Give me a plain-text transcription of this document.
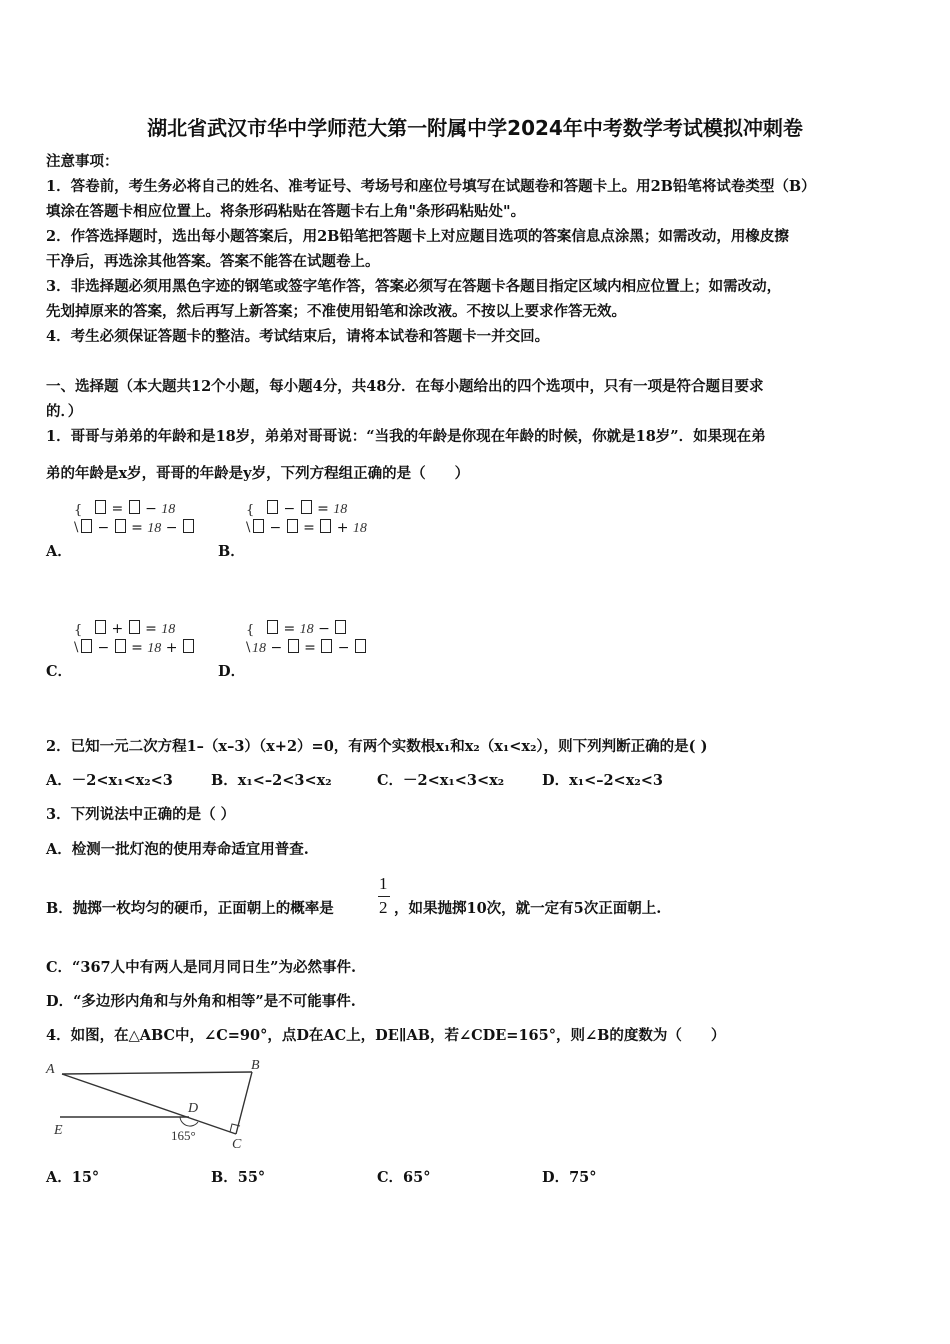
湖北省武汉市华中学师范大第一附属中学2024年中考数学考试模拟冲刺卷
注意事项：
1．答卷前，考生务必将自己的姓名、准考证号、考场号和座位号填写在试题卷和答题卡上。用2B铅笔将试卷类型（B）
填涂在答题卡相应位置上。将条形码粘贴在答题卡右上角"条形码粘贴处"。
2．作答选择题时，选出每小题答案后，用2B铅笔把答题卡上对应题目选项的答案信息点涂黑；如需改动，用橡皮擦
干净后，再选涂其他答案。答案不能答在试题卷上。
3．非选择题必须用黑色字迹的钢笔或签字笔作答，答案必须写在答题卡各题目指定区域内相应位置上；如需改动，
先划掉原来的答案，然后再写上新答案；不准使用铅笔和涂改液。不按以上要求作答无效。
4．考生必须保证答题卡的整洁。考试结束后，请将本试卷和答题卡一并交回。
一、选择题（本大题共12个小题，每小题4分，共48分．在每小题给出的四个选项中，只有一项是符合题目要求
的．）
1．哥哥与弟弟的年龄和是18岁，弟弟对哥哥说：“当我的年龄是你现在年龄的时候，你就是18岁”．如果现在弟
弟的年龄是x岁，哥哥的年龄是y岁，下列方程组正确的是（　　）
{
\
= − 18
− = 18 −
A．
{
\
− = 18
− = + 18
B．
{
\
+ = 18
− = 18 +
C．
{
\
= 18 −
18 − = −
D．
2．已知一元二次方程1–（x–3）（x+2）=0，有两个实数根x₁和x₂（x₁<x₂），则下列判断正确的是( )
A．－2<x₁<x₂<3	B．x₁<–2<3<x₂	C．－2<x₁<3<x₂	D．x₁<–2<x₂<3
3．下列说法中正确的是（ ）
A．检测一批灯泡的使用寿命适宜用普查.
B．抛掷一枚均匀的硬币，正面朝上的概率是
1
2 ，如果抛掷10次，就一定有5次正面朝上.
C．“367人中有两人是同月同日生”为必然事件.
D．“多边形内角和与外角和相等”是不可能事件.
4．如图，在△ABC中，∠C=90°，点D在AC上，DE∥AB，若∠CDE=165°，则∠B的度数为（　　）
A	B
C
D
E	165°
A．15°	B．55°	C．65°	D．75°
